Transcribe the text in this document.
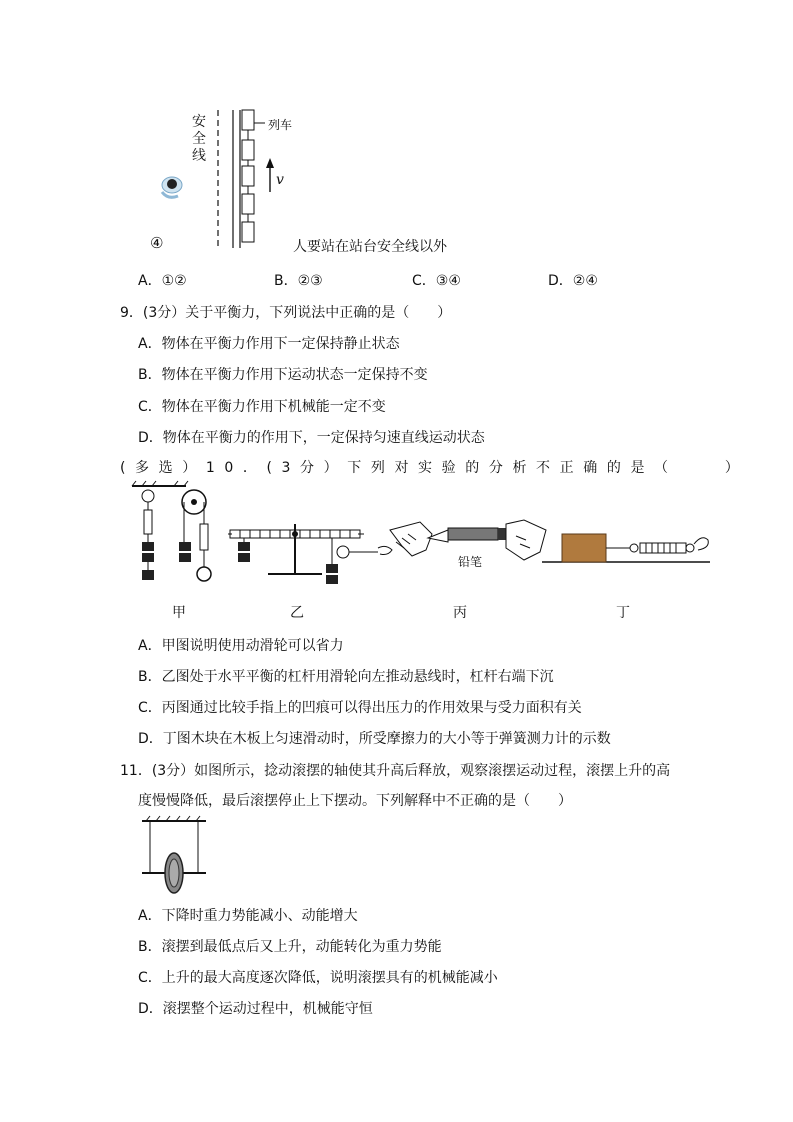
安
全
线
列车
v
④	人要站在站台安全线以外
A．①②	B．②③	C．③④	D．②④
9．(3分）关于平衡力，下列说法中正确的是（　　）
A．物体在平衡力作用下一定保持静止状态
B．物体在平衡力作用下运动状态一定保持不变
C．物体在平衡力作用下机械能一定不变
D．物体在平衡力的作用下，一定保持匀速直线运动状态
(多选）10．(3分）下列对实验的分析不正确的是（　　）
铅笔
甲	乙	丙	丁
A．甲图说明使用动滑轮可以省力
B．乙图处于水平平衡的杠杆用滑轮向左推动悬线时，杠杆右端下沉
C．丙图通过比较手指上的凹痕可以得出压力的作用效果与受力面积有关
D．丁图木块在木板上匀速滑动时，所受摩擦力的大小等于弹簧测力计的示数
11．(3分）如图所示，捻动滚摆的轴使其升高后释放，观察滚摆运动过程，滚摆上升的高
度慢慢降低，最后滚摆停止上下摆动。下列解释中不正确的是（　　）
A．下降时重力势能减小、动能增大
B．滚摆到最低点后又上升，动能转化为重力势能
C．上升的最大高度逐次降低，说明滚摆具有的机械能减小
D．滚摆整个运动过程中，机械能守恒
